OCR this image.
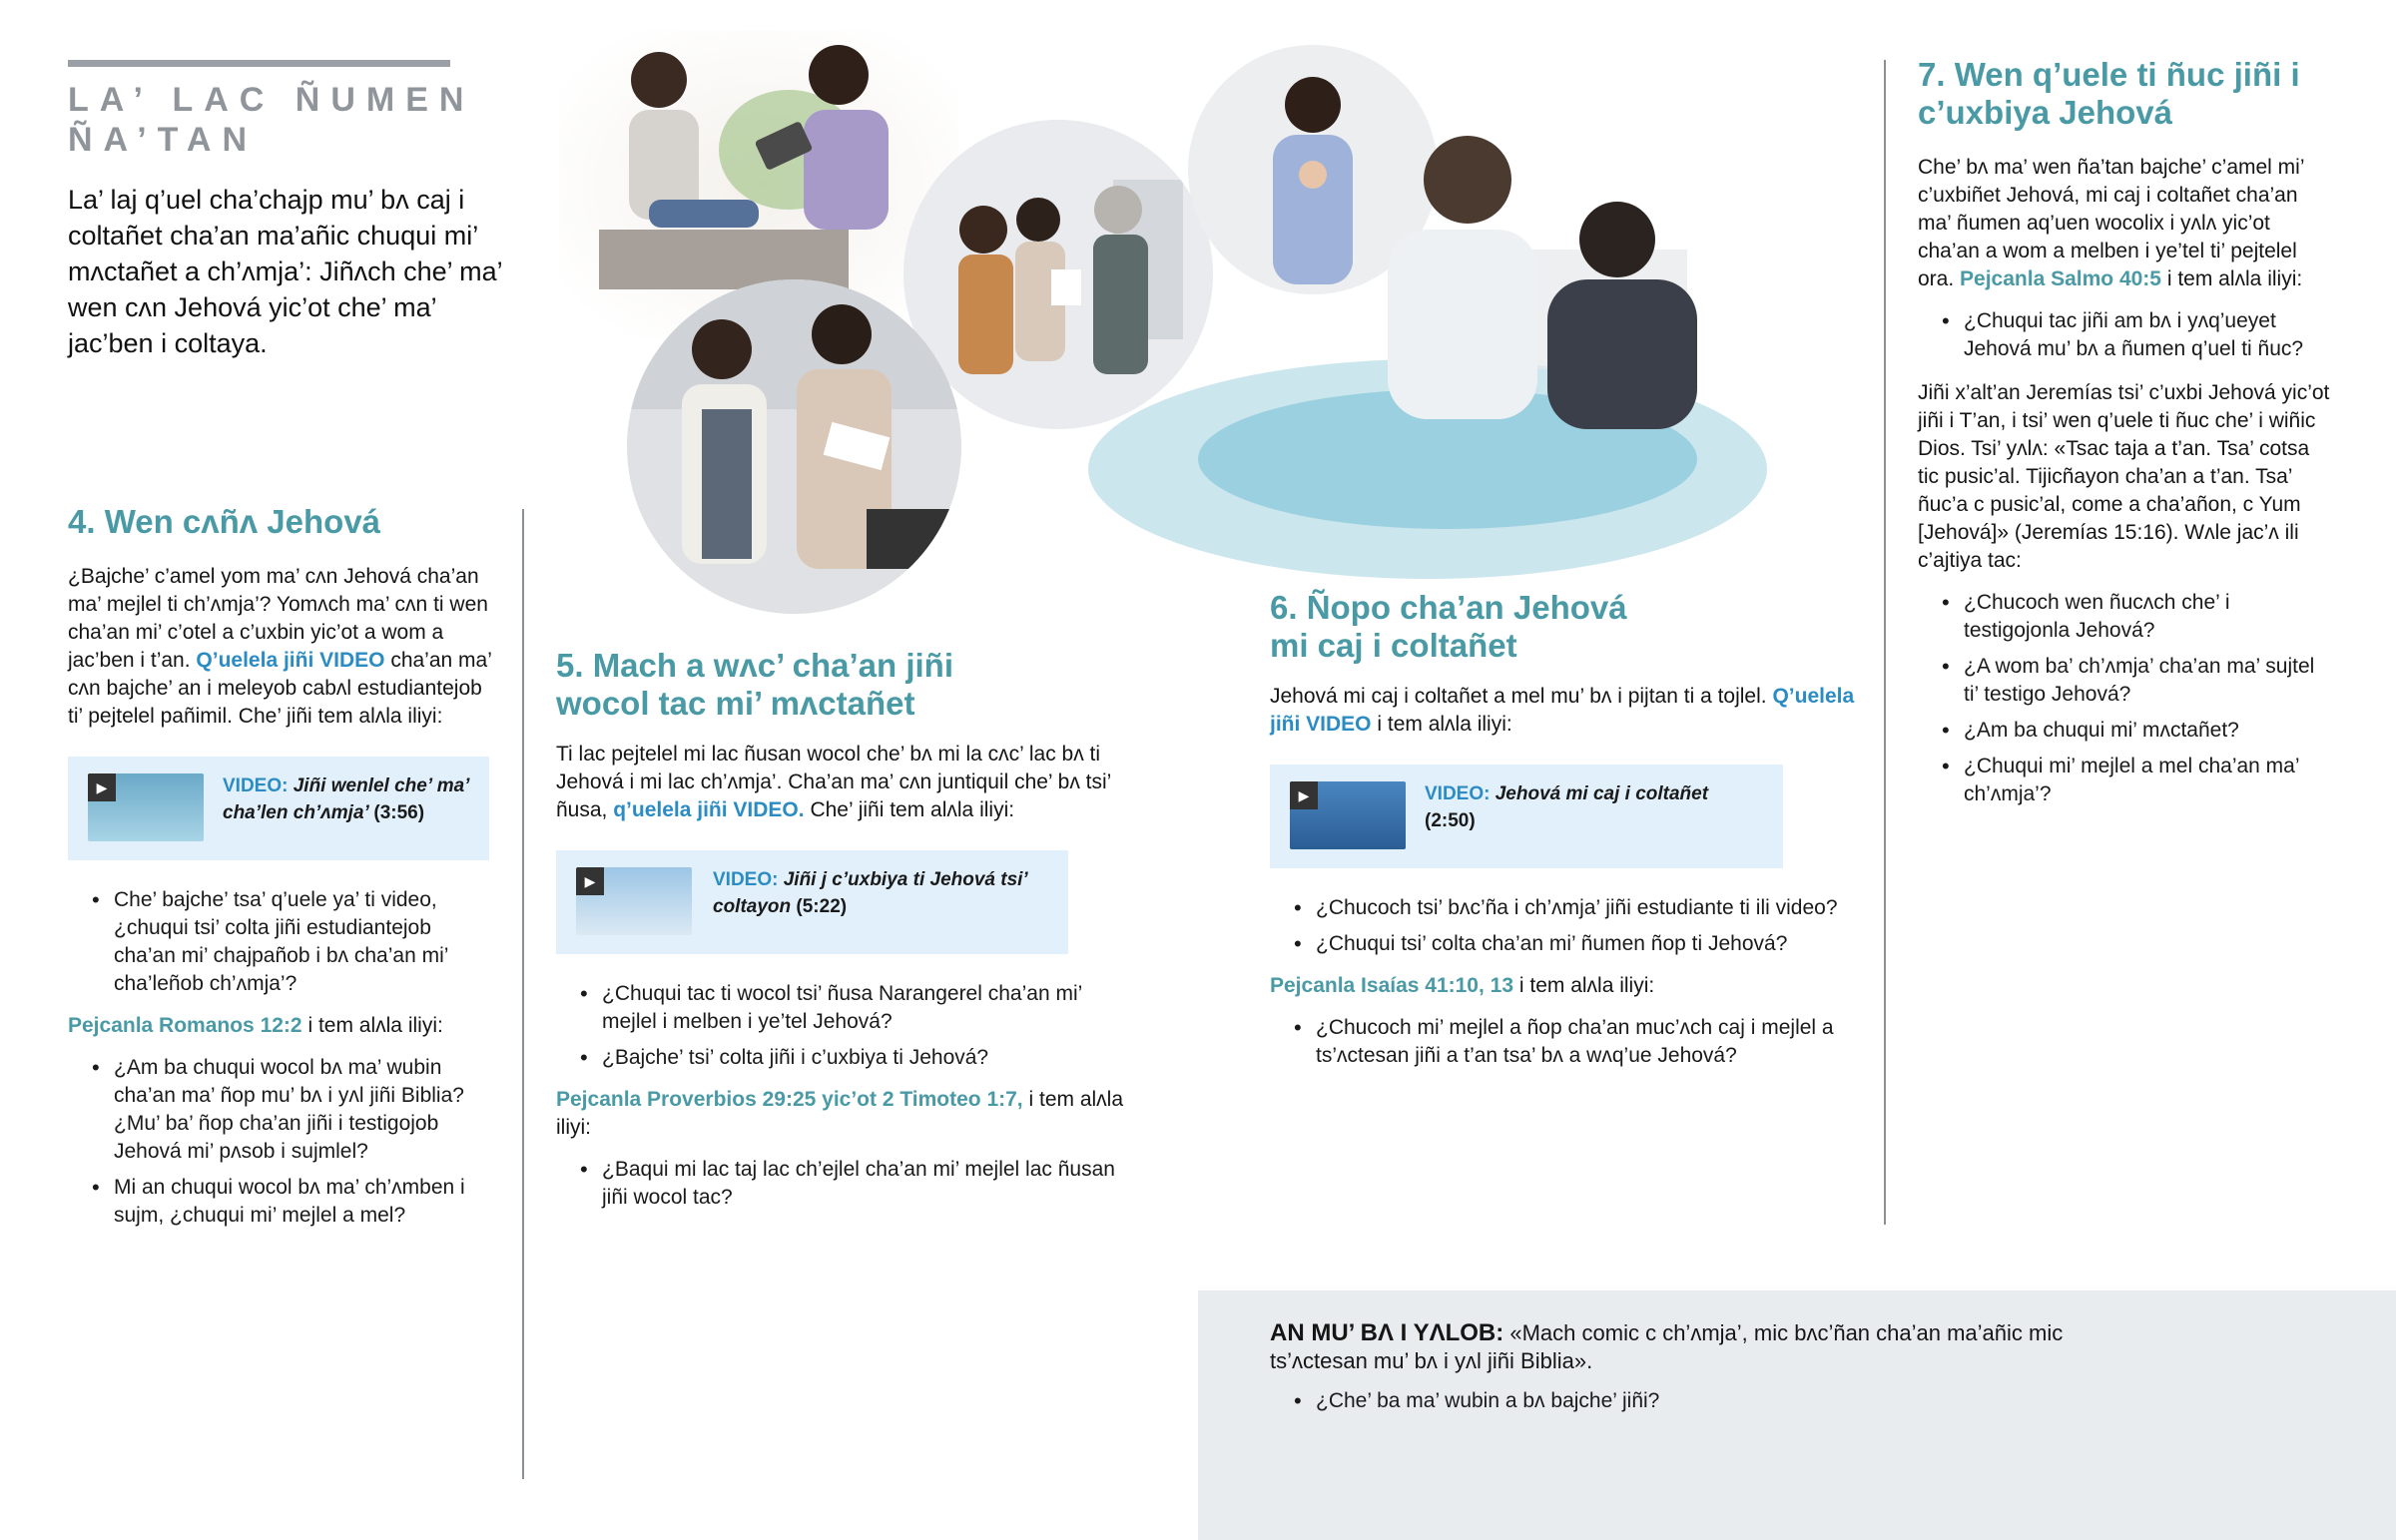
LA’ LAC ÑUMEN ÑA’TAN
La’ laj q’uel cha’chajp mu’ bʌ caj i coltañet cha’an ma’añic chuqui mi’ mʌctañet a ch’ʌmja’: Jiñʌch che’ ma’ wen cʌn Jehová yic’ot che’ ma’ jac’ben i coltaya.
4. Wen cʌñʌ Jehová
¿Bajche’ c’amel yom ma’ cʌn Jehová cha’an ma’ mejlel ti ch’ʌmja’? Yomʌch ma’ cʌn ti wen cha’an mi’ c’otel a c’uxbin yic’ot a wom a jac’ben i t’an. Q’uelela jiñi VIDEO cha’an ma’ cʌn bajche’ an i meleyob cabʌl estudiantejob ti’ pejtelel pañimil. Che’ jiñi tem alʌla iliyi:
▶	VIDEO: Jiñi wenlel che’ ma’ cha’len ch’ʌmja’ (3:56)
• Che’ bajche’ tsa’ q’uele ya’ ti video, ¿chuqui tsi’ colta jiñi estudiantejob cha’an mi’ chajpañob i bʌ cha’an mi’ cha’leñob ch’ʌmja’?
Pejcanla Romanos 12:2 i tem alʌla iliyi:
• ¿Am ba chuqui wocol bʌ ma’ wubin cha’an ma’ ñop mu’ bʌ i yʌl jiñi Biblia? ¿Mu’ ba’ ñop cha’an jiñi i testigojob Jehová mi’ pʌsob i sujmlel?
• Mi an chuqui wocol bʌ ma’ ch’ʌmben i sujm, ¿chuqui mi’ mejlel a mel?
5. Mach a wʌc’ cha’an jiñi wocol tac mi’ mʌctañet
Ti lac pejtelel mi lac ñusan wocol che’ bʌ mi la cʌc’ lac bʌ ti Jehová i mi lac ch’ʌmja’. Cha’an ma’ cʌn juntiquil che’ bʌ tsi’ ñusa, q’uelela jiñi VIDEO. Che’ jiñi tem alʌla iliyi:
▶	VIDEO: Jiñi j c’uxbiya ti Jehová tsi’ coltayon (5:22)
• ¿Chuqui tac ti wocol tsi’ ñusa Narangerel cha’an mi’ mejlel i melben i ye’tel Jehová?
• ¿Bajche’ tsi’ colta jiñi i c’uxbiya ti Jehová?
Pejcanla Proverbios 29:25 yic’ot 2 Timoteo 1:7, i tem alʌla iliyi:
• ¿Baqui mi lac taj lac ch’ejlel cha’an mi’ mejlel lac ñusan jiñi wocol tac?
6. Ñopo cha’an Jehová mi caj i coltañet
Jehová mi caj i coltañet a mel mu’ bʌ i pijtan ti a tojlel. Q’uelela jiñi VIDEO i tem alʌla iliyi:
▶	VIDEO: Jehová mi caj i coltañet (2:50)
• ¿Chucoch tsi’ bʌc’ña i ch’ʌmja’ jiñi estudiante ti ili video?
• ¿Chuqui tsi’ colta cha’an mi’ ñumen ñop ti Jehová?
Pejcanla Isaías 41:10, 13 i tem alʌla iliyi:
• ¿Chucoch mi’ mejlel a ñop cha’an muc’ʌch caj i mejlel a ts’ʌctesan jiñi a t’an tsa’ bʌ a wʌq’ue Jehová?
7. Wen q’uele ti ñuc jiñi i c’uxbiya Jehová
Che’ bʌ ma’ wen ña’tan bajche’ c’amel mi’ c’uxbiñet Jehová, mi caj i coltañet cha’an ma’ ñumen aq’uen wocolix i yʌlʌ yic’ot cha’an a wom a melben i ye’tel ti’ pejtelel ora. Pejcanla Salmo 40:5 i tem alʌla iliyi:
• ¿Chuqui tac jiñi am bʌ i yʌq’ueyet Jehová mu’ bʌ a ñumen q’uel ti ñuc?
Jiñi x’alt’an Jeremías tsi’ c’uxbi Jehová yic’ot jiñi i T’an, i tsi’ wen q’uele ti ñuc che’ i wiñic Dios. Tsi’ yʌlʌ: «Tsac taja a t’an. Tsa’ cotsa tic pusic’al. Tijicñayon cha’an a t’an. Tsa’ ñuc’a c pusic’al, come a cha’añon, c Yum [Jehová]» (Jeremías 15:16). Wʌle jac’ʌ ili c’ajtiya tac:
• ¿Chucoch wen ñucʌch che’ i testigojonla Jehová?
• ¿A wom ba’ ch’ʌmja’ cha’an ma’ sujtel ti’ testigo Jehová?
• ¿Am ba chuqui mi’ mʌctañet?
• ¿Chuqui mi’ mejlel a mel cha’an ma’ ch’ʌmja’?
AN MU’ BɅ I YɅLOB: «Mach comic c ch’ʌmja’, mic bʌc’ñan cha’an ma’añic mic ts’ʌctesan mu’ bʌ i yʌl jiñi Biblia».
• ¿Che’ ba ma’ wubin a bʌ bajche’ jiñi?
